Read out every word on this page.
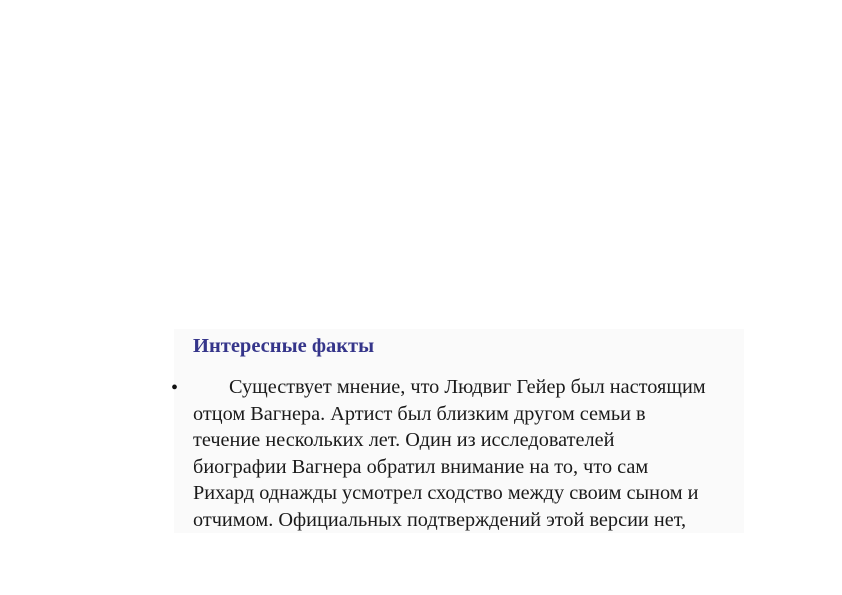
Интересные факты
•	Существует мнение, что Людвиг Гейер был настоящим
отцом Вагнера. Артист был близким другом семьи в
течение нескольких лет. Один из исследователей
биографии Вагнера обратил внимание на то, что сам
Рихард однажды усмотрел сходство между своим сыном и
отчимом. Официальных подтверждений этой версии нет,
